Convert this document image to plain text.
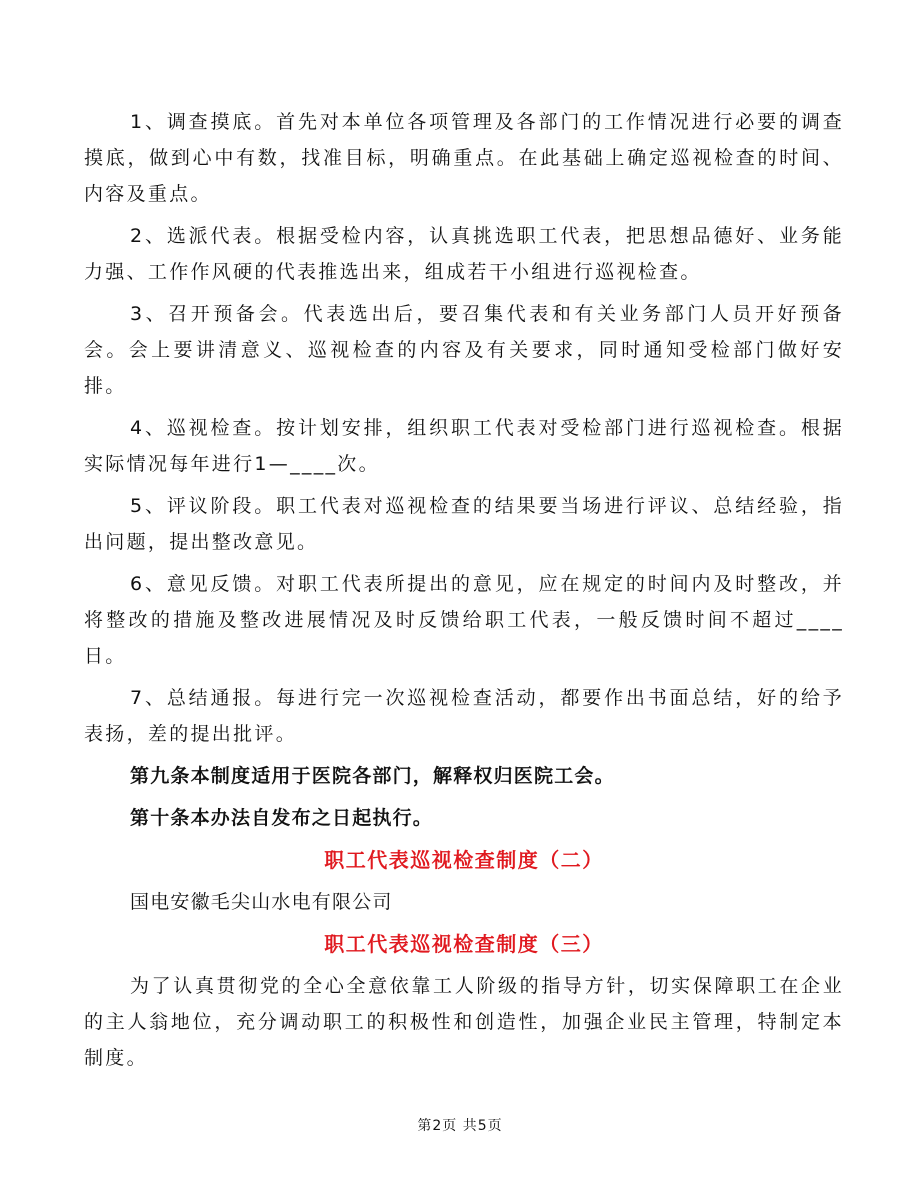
1、调查摸底。首先对本单位各项管理及各部门的工作情况进行必要的调查摸底，做到心中有数，找准目标，明确重点。在此基础上确定巡视检查的时间、内容及重点。

2、选派代表。根据受检内容，认真挑选职工代表，把思想品德好、业务能力强、工作作风硬的代表推选出来，组成若干小组进行巡视检查。

3、召开预备会。代表选出后，要召集代表和有关业务部门人员开好预备会。会上要讲清意义、巡视检查的内容及有关要求，同时通知受检部门做好安排。

4、巡视检查。按计划安排，组织职工代表对受检部门进行巡视检查。根据实际情况每年进行1—____次。

5、评议阶段。职工代表对巡视检查的结果要当场进行评议、总结经验，指出问题，提出整改意见。

6、意见反馈。对职工代表所提出的意见，应在规定的时间内及时整改，并将整改的措施及整改进展情况及时反馈给职工代表，一般反馈时间不超过____日。

7、总结通报。每进行完一次巡视检查活动，都要作出书面总结，好的给予表扬，差的提出批评。

第九条本制度适用于医院各部门，解释权归医院工会。

第十条本办法自发布之日起执行。

职工代表巡视检查制度（二）

国电安徽毛尖山水电有限公司

职工代表巡视检查制度（三）

为了认真贯彻党的全心全意依靠工人阶级的指导方针，切实保障职工在企业的主人翁地位，充分调动职工的积极性和创造性，加强企业民主管理，特制定本制度。

第2页 共5页
